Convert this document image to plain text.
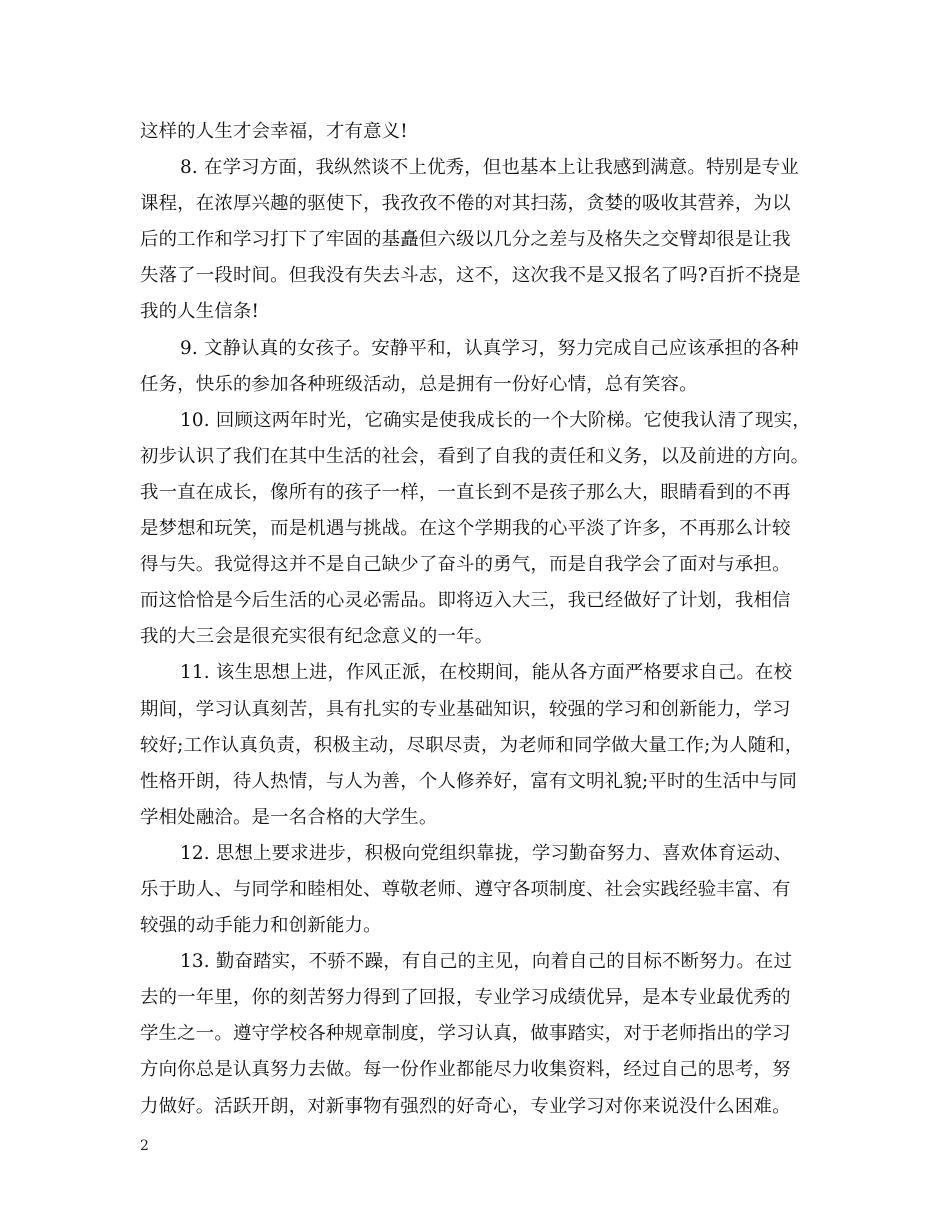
这样的人生才会幸福，才有意义!
8. 在学习方面，我纵然谈不上优秀，但也基本上让我感到满意。特别是专业
课程，在浓厚兴趣的驱使下，我孜孜不倦的对其扫荡，贪婪的吸收其营养，为以
后的工作和学习打下了牢固的基矗但六级以几分之差与及格失之交臂却很是让我
失落了一段时间。但我没有失去斗志，这不，这次我不是又报名了吗?百折不挠是
我的人生信条!
9. 文静认真的女孩子。安静平和，认真学习，努力完成自己应该承担的各种
任务，快乐的参加各种班级活动，总是拥有一份好心情，总有笑容。
10. 回顾这两年时光，它确实是使我成长的一个大阶梯。它使我认清了现实，
初步认识了我们在其中生活的社会，看到了自我的责任和义务，以及前进的方向。
我一直在成长，像所有的孩子一样，一直长到不是孩子那么大，眼睛看到的不再
是梦想和玩笑，而是机遇与挑战。在这个学期我的心平淡了许多，不再那么计较
得与失。我觉得这并不是自己缺少了奋斗的勇气，而是自我学会了面对与承担。
而这恰恰是今后生活的心灵必需品。即将迈入大三，我已经做好了计划，我相信
我的大三会是很充实很有纪念意义的一年。
11. 该生思想上进，作风正派，在校期间，能从各方面严格要求自己。在校
期间，学习认真刻苦，具有扎实的专业基础知识，较强的学习和创新能力，学习
较好;工作认真负责，积极主动，尽职尽责，为老师和同学做大量工作;为人随和，
性格开朗，待人热情，与人为善，个人修养好，富有文明礼貌;平时的生活中与同
学相处融洽。是一名合格的大学生。
12. 思想上要求进步，积极向党组织靠拢，学习勤奋努力、喜欢体育运动、
乐于助人、与同学和睦相处、尊敬老师、遵守各项制度、社会实践经验丰富、有
较强的动手能力和创新能力。
13. 勤奋踏实，不骄不躁，有自己的主见，向着自己的目标不断努力。在过
去的一年里，你的刻苦努力得到了回报，专业学习成绩优异，是本专业最优秀的
学生之一。遵守学校各种规章制度，学习认真，做事踏实，对于老师指出的学习
方向你总是认真努力去做。每一份作业都能尽力收集资料，经过自己的思考，努
力做好。活跃开朗，对新事物有强烈的好奇心，专业学习对你来说没什么困难。
2
